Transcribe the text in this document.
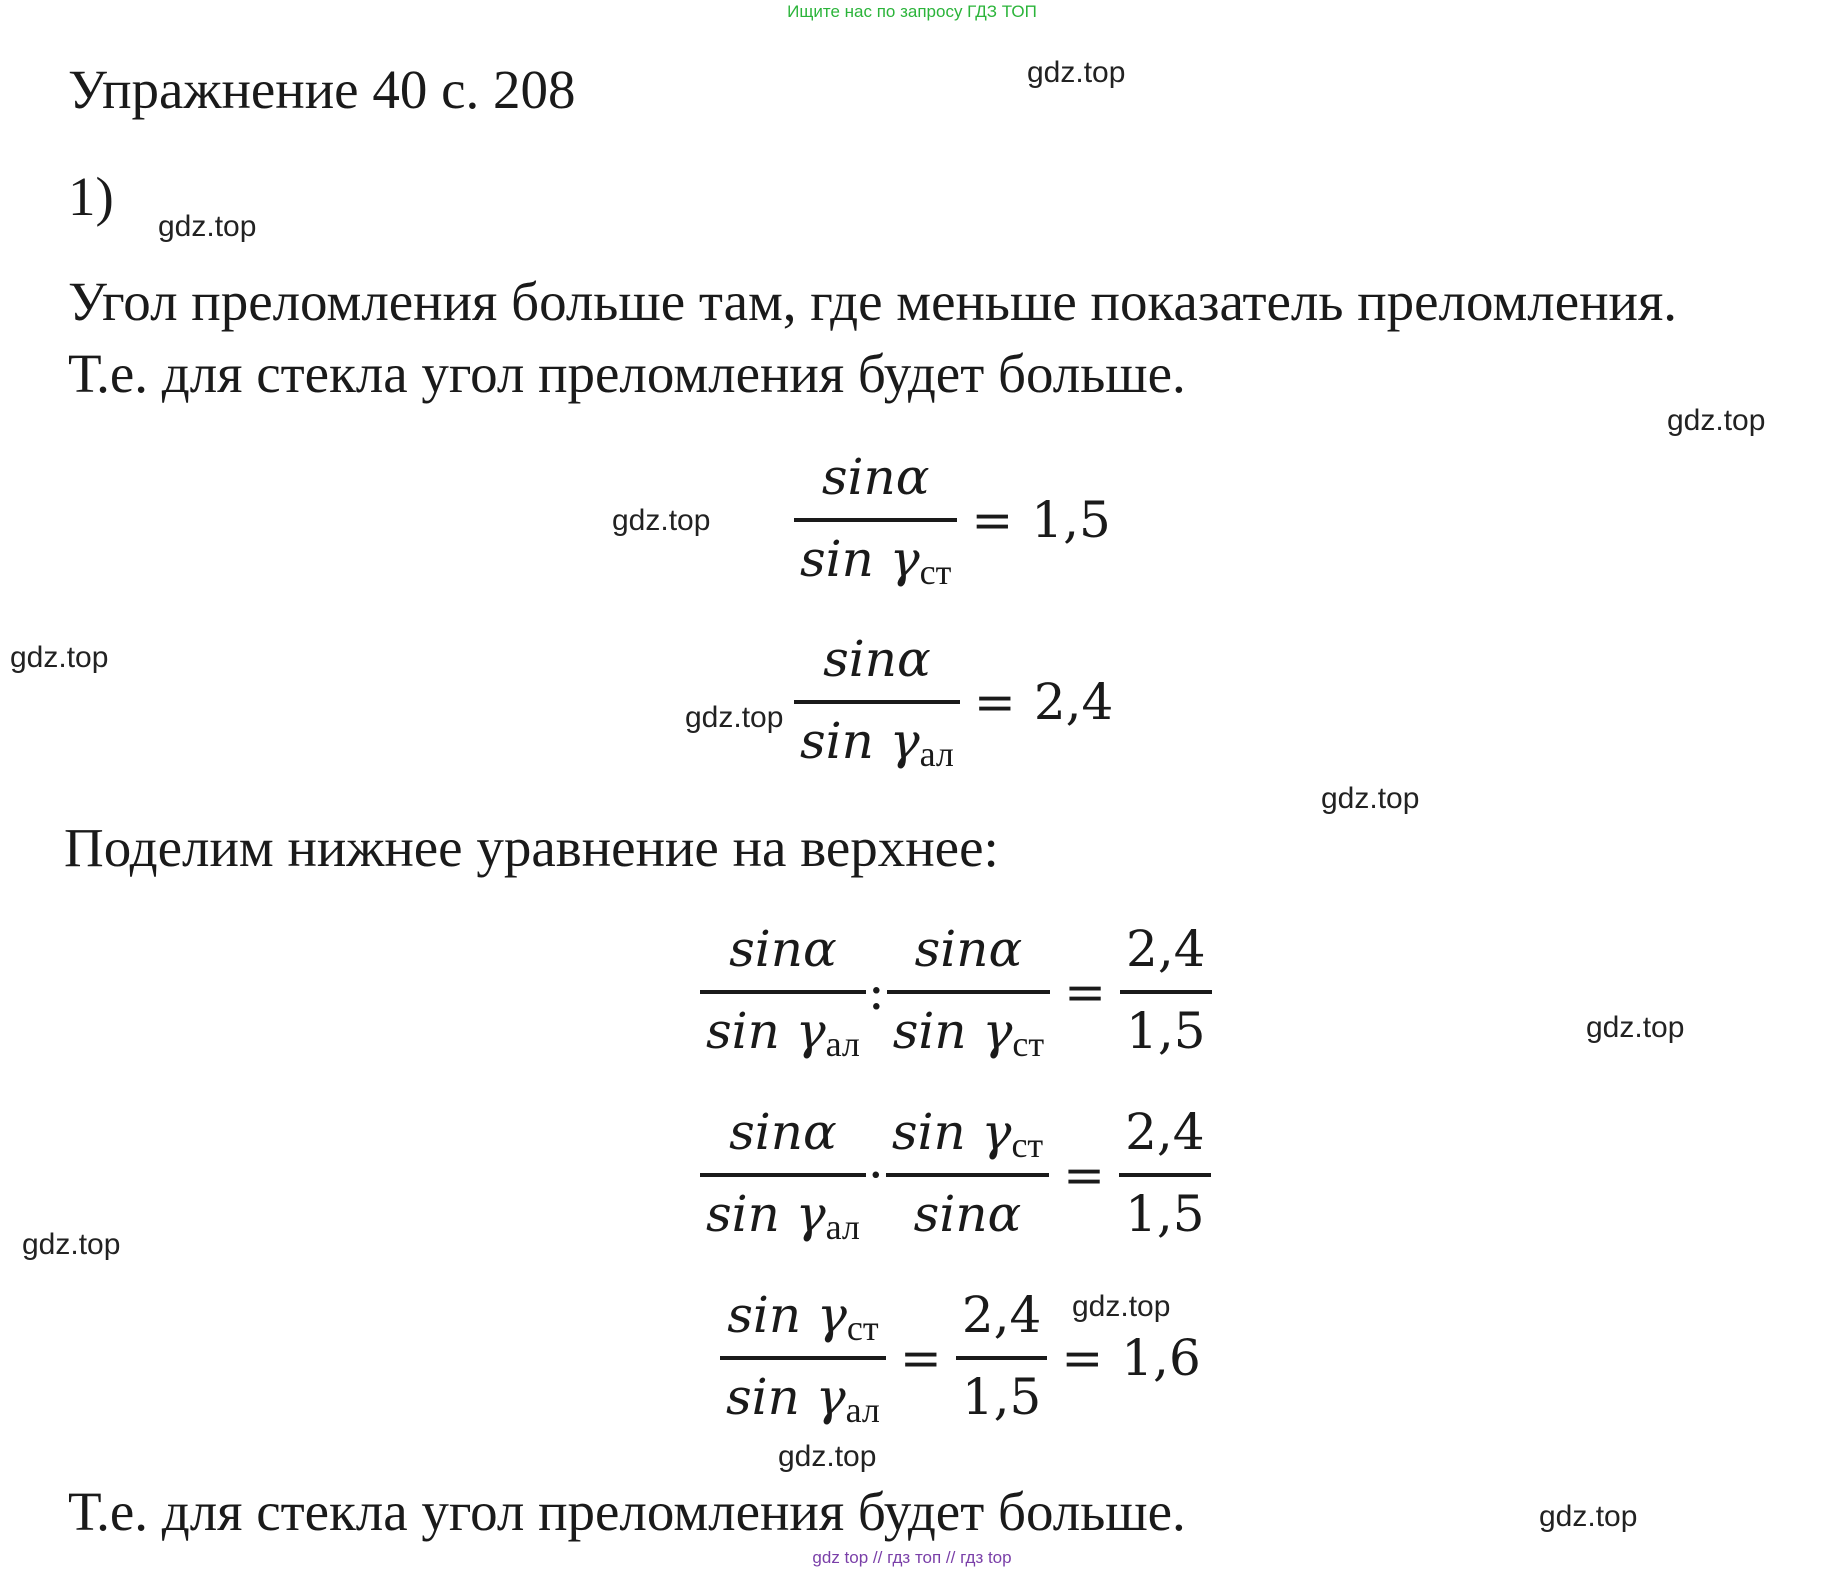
Ищите нас по запросу ГДЗ ТОП
Упражнение 40 с. 208	gdz.top
1) gdz.top
Угол преломления больше там, где меньше показатель преломления.
Т.е. для стекла угол преломления будет больше.
gdz.top
$gdz.top \frac{\sin\alpha}{\sin \gamma_{ст}} = 1,5$
gdz.top
$gdz.top \frac{\sin\alpha}{\sin \gamma_{ал}} = 2,4$
gdz.top
Поделим нижнее уравнение на верхнее:
$\frac{\sin\alpha}{\sin \gamma_{ал}}$ : $\frac{\sin\alpha}{\sin \gamma_{ст}} = \frac{2,4}{1,5}$	gdz.top
$\frac{\sin\alpha}{\sin \gamma_{ал}} \cdot \frac{\sin \gamma_{ст}}{\sin\alpha} = \frac{2,4}{1,5}$
gdz.top
gdz.top
$\frac{\sin \gamma_{ст}}{\sin \gamma_{ал}} = \frac{2,4}{1,5} = 1,6$
gdz.top
Т.е. для стекла угол преломления будет больше.	gdz.top
gdz top // гдз топ // гдз top
